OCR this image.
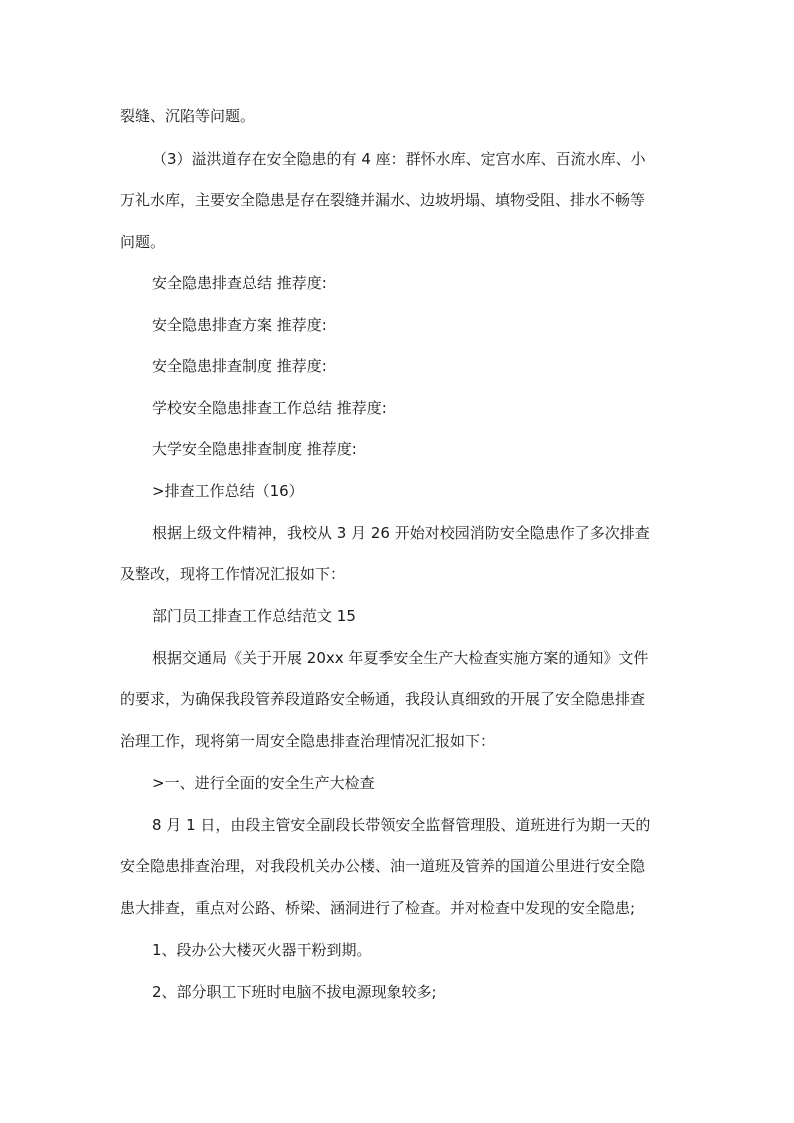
裂缝、沉陷等问题。
（3）溢洪道存在安全隐患的有 4 座：群怀水库、定宫水库、百流水库、小
万礼水库，主要安全隐患是存在裂缝并漏水、边坡坍塌、填物受阻、排水不畅等
问题。
安全隐患排查总结 推荐度:
安全隐患排查方案 推荐度:
安全隐患排查制度 推荐度:
学校安全隐患排查工作总结 推荐度:
大学安全隐患排查制度 推荐度:
>排查工作总结（16）
根据上级文件精神，我校从 3 月 26 开始对校园消防安全隐患作了多次排查
及整改，现将工作情况汇报如下：
部门员工排查工作总结范文 15
根据交通局《关于开展 20xx 年夏季安全生产大检查实施方案的通知》文件
的要求，为确保我段管养段道路安全畅通，我段认真细致的开展了安全隐患排查
治理工作，现将第一周安全隐患排查治理情况汇报如下：
>一、进行全面的安全生产大检查
8 月 1 日，由段主管安全副段长带领安全监督管理股、道班进行为期一天的
安全隐患排查治理，对我段机关办公楼、油一道班及管养的国道公里进行安全隐
患大排查，重点对公路、桥梁、涵洞进行了检查。并对检查中发现的安全隐患;
1、段办公大楼灭火器干粉到期。
2、部分职工下班时电脑不拔电源现象较多;
